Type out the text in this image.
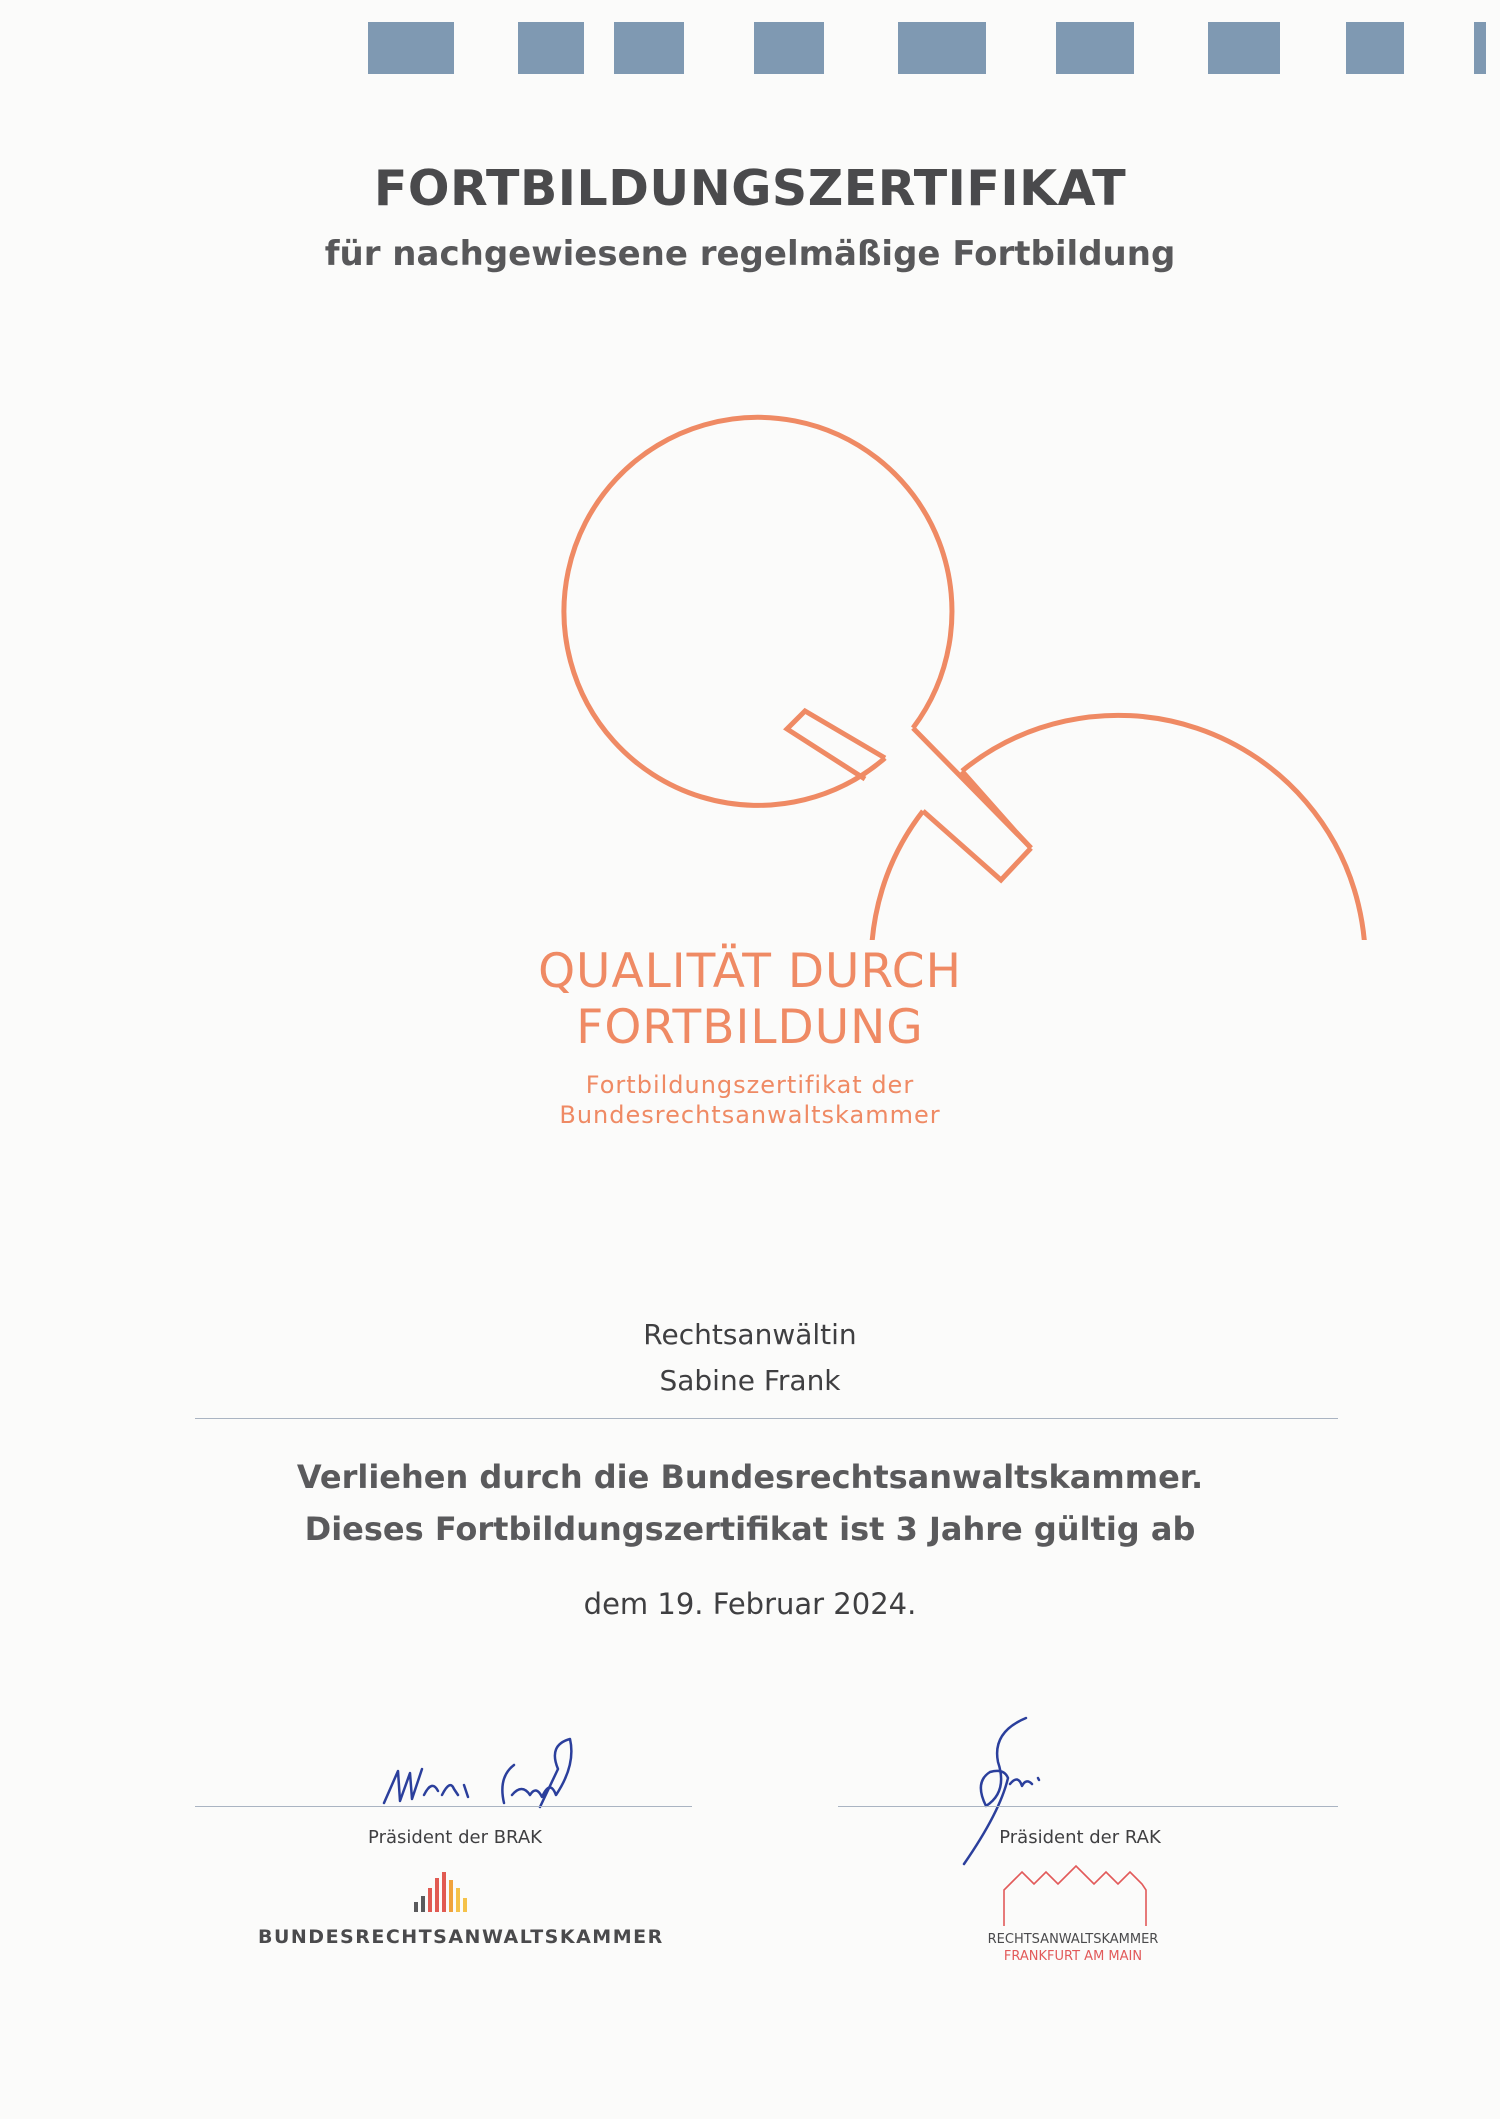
FORTBILDUNGSZERTIFIKAT
für nachgewiesene regelmäßige Fortbildung
QUALITÄT DURCH
FORTBILDUNG
Fortbildungszertifikat der
Bundesrechtsanwaltskammer
Rechtsanwältin
Sabine Frank
Verliehen durch die Bundesrechtsanwaltskammer.
Dieses Fortbildungszertifikat ist 3 Jahre gültig ab
dem 19. Februar 2024.
Präsident der BRAK	Präsident der RAK
BUNDESRECHTSANWALTSKAMMER	RECHTSANWALTSKAMMER
FRANKFURT AM MAIN
